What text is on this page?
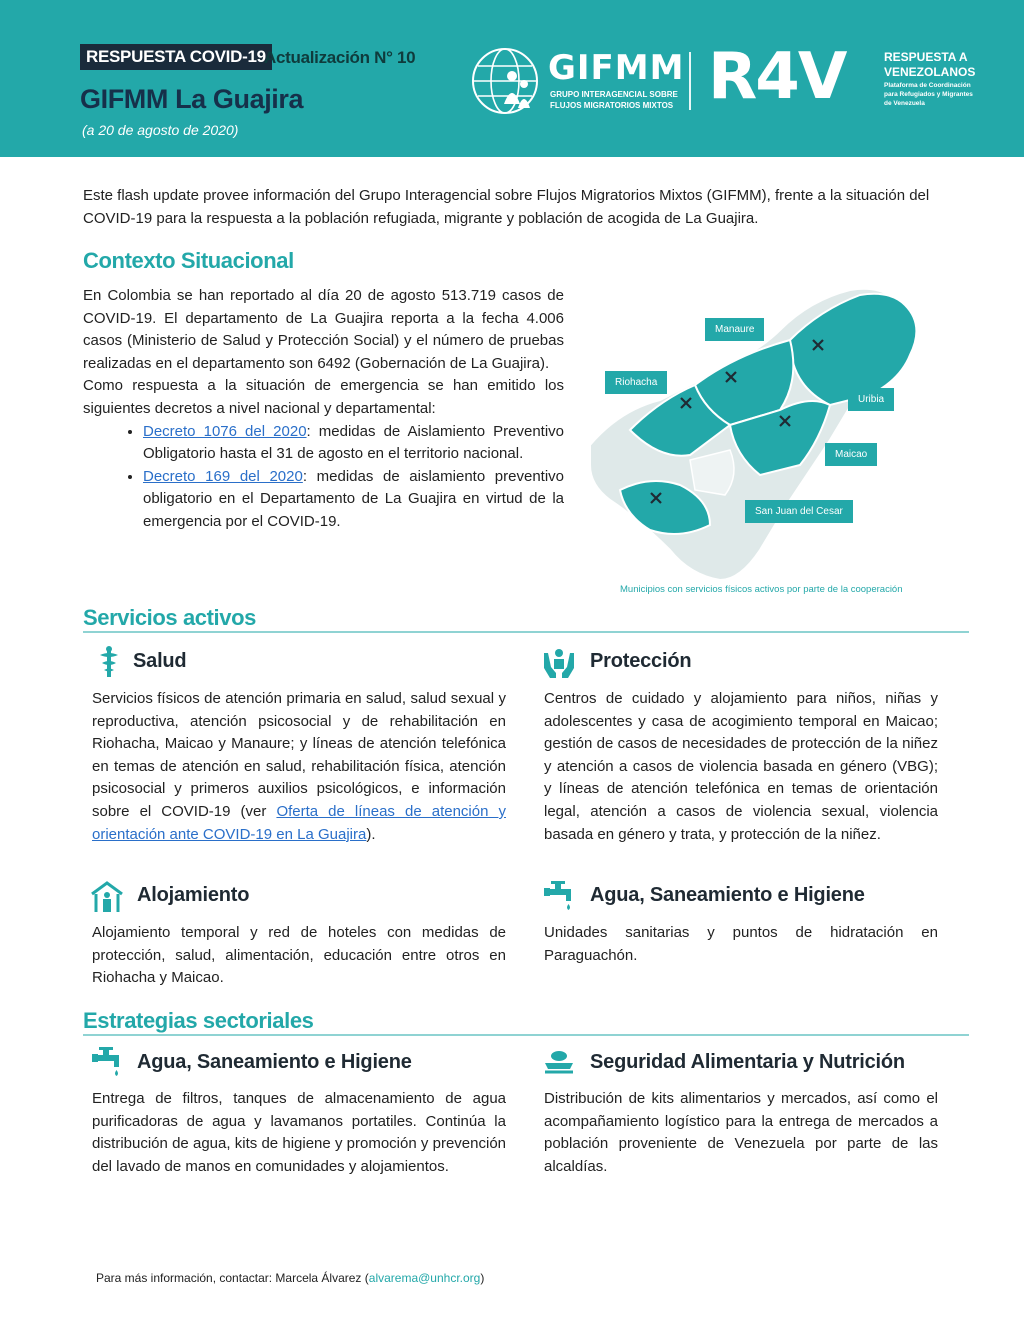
RESPUESTA COVID-19
Actualización N° 10
GIFMM La Guajira
(a 20 de agosto de 2020)
GIFMM
GRUPO INTERAGENCIAL SOBRE
FLUJOS MIGRATORIOS MIXTOS R4V	RESPUESTA A
VENEZOLANOS
Plataforma de Coordinación
para Refugiados y Migrantes
de Venezuela

Este flash update provee información del Grupo Interagencial sobre Flujos Migratorios Mixtos (GIFMM), frente a la situación del COVID-19 para la respuesta a la población refugiada, migrante y población de acogida de La Guajira.

Contexto Situacional

En Colombia se han reportado al día 20 de agosto 513.719 casos de COVID-19. El departamento de La Guajira reporta a la fecha 4.006 casos (Ministerio de Salud y Protección Social) y el número de pruebas realizadas en el departamento son 6492 (Gobernación de La Guajira).

Como respuesta a la situación de emergencia se han emitido los siguientes decretos a nivel nacional y departamental:

• Decreto 1076 del 2020: medidas de Aislamiento Preventivo Obligatorio hasta el 31 de agosto en el territorio nacional.
• Decreto 169 del 2020: medidas de aislamiento preventivo obligatorio en el Departamento de La Guajira en virtud de la emergencia por el COVID-19.
Manaure
Riohacha
Uribia
Maicao
San Juan del Cesar
Municipios con servicios físicos activos por parte de la cooperación
Servicios activos
Salud

Servicios físicos de atención primaria en salud, salud sexual y reproductiva, atención psicosocial y de rehabilitación en Riohacha, Maicao y Manaure; y líneas de atención telefónica en temas de atención en salud, rehabilitación física, atención psicosocial y primeros auxilios psicológicos, e información sobre el COVID-19 (ver Oferta de líneas de atención y orientación ante COVID-19 en La Guajira).

Protección

Centros de cuidado y alojamiento para niños, niñas y adolescentes y casa de acogimiento temporal en Maicao; gestión de casos de necesidades de protección de la niñez y atención a casos de violencia basada en género (VBG); y líneas de atención telefónica en temas de orientación legal, atención a casos de violencia sexual, violencia basada en género y trata, y protección de la niñez.

Alojamiento

Alojamiento temporal y red de hoteles con medidas de protección, salud, alimentación, educación entre otros en Riohacha y Maicao.

Agua, Saneamiento e Higiene

Unidades sanitarias y puntos de hidratación en Paraguachón.

Estrategias sectoriales
Agua, Saneamiento e Higiene

Entrega de filtros, tanques de almacenamiento de agua purificadoras de agua y lavamanos portatiles. Continúa la distribución de agua, kits de higiene y promoción y prevención del lavado de manos en comunidades y alojamientos.

Seguridad Alimentaria y Nutrición

Distribución de kits alimentarios y mercados, así como el acompañamiento logístico para la entrega de mercados a población proveniente de Venezuela por parte de las alcaldías.

Para más información, contactar: Marcela Álvarez (alvarema@unhcr.org)
